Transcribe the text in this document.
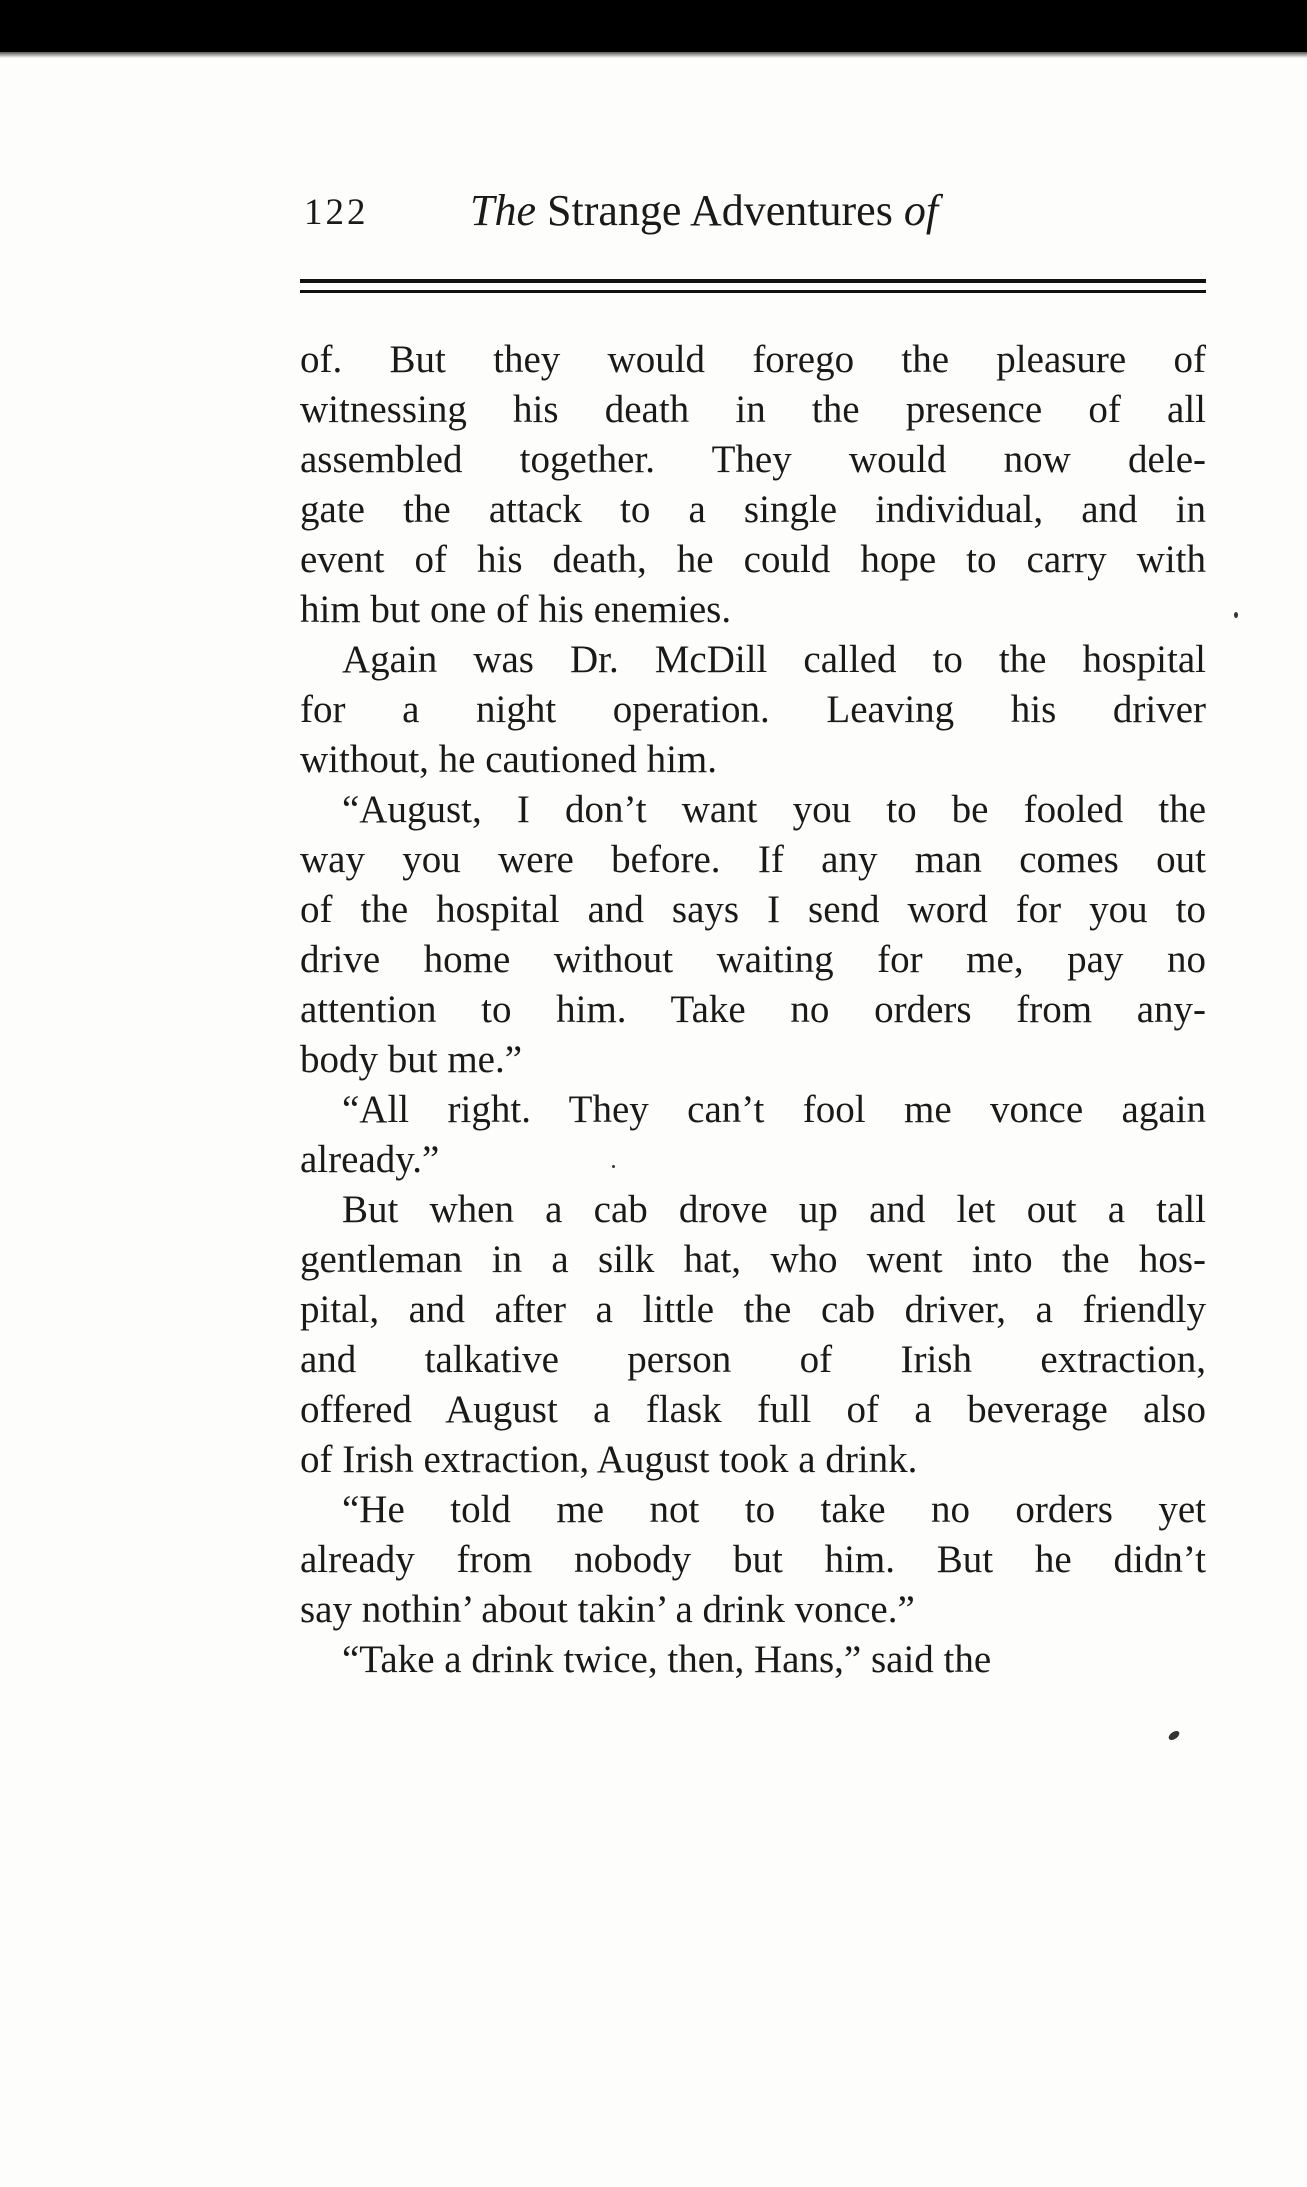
122 The Strange Adventures of
of. But they would forego the pleasure of
witnessing his death in the presence of all
assembled together. They would now dele-
gate the attack to a single individual, and in
event of his death, he could hope to carry with
him but one of his enemies.
Again was Dr. McDill called to the hospital
for a night operation. Leaving his driver
without, he cautioned him.
“August, I don’t want you to be fooled the
way you were before. If any man comes out
of the hospital and says I send word for you to
drive home without waiting for me, pay no
attention to him. Take no orders from any-
body but me.”
“All right. They can’t fool me vonce again
already.”
But when a cab drove up and let out a tall
gentleman in a silk hat, who went into the hos-
pital, and after a little the cab driver, a friendly
and talkative person of Irish extraction,
offered August a flask full of a beverage also
of Irish extraction, August took a drink.
“He told me not to take no orders yet
already from nobody but him. But he didn’t
say nothin’ about takin’ a drink vonce.”
“Take a drink twice, then, Hans,” said the
